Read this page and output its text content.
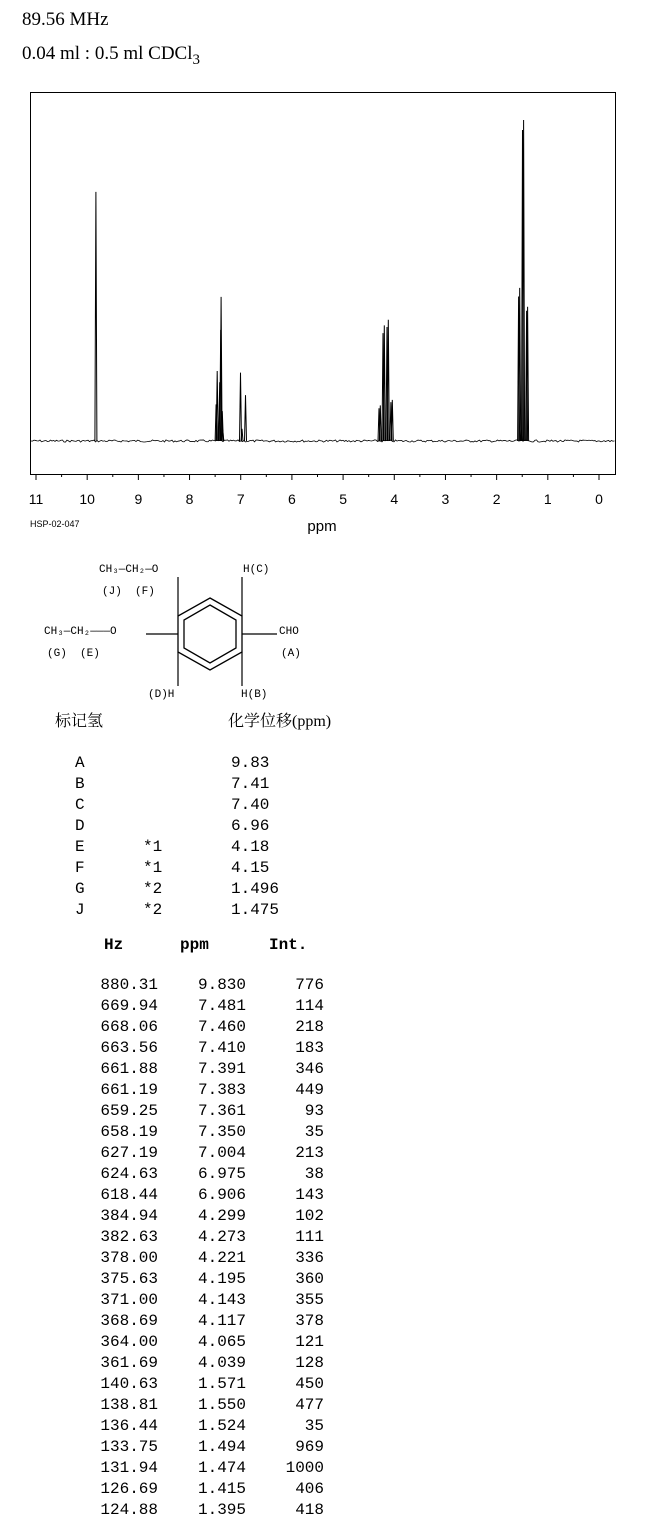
89.56 MHz
0.04 ml : 0.5 ml CDCl$_3$
11	10	9	8	7	6	5	4	3	2	1	0
ppm
HSP-02-047
CH₃—CH₂—O
(J)  (F)
H(C)
CH₃—CH₂———O
(G)  (E)
CHO
(A)
(D)H	H(B)
标记氢	化学位移(ppm)
A	9.83
B	7.41
C	7.40
D	6.96
E	*1	4.18
F	*1	4.15
G	*2	1.496
J	*2	1.475
Hz	ppm	Int.
880.31	9.830	776
669.94	7.481	114
668.06	7.460	218
663.56	7.410	183
661.88	7.391	346
661.19	7.383	449
659.25	7.361	93
658.19	7.350	35
627.19	7.004	213
624.63	6.975	38
618.44	6.906	143
384.94	4.299	102
382.63	4.273	111
378.00	4.221	336
375.63	4.195	360
371.00	4.143	355
368.69	4.117	378
364.00	4.065	121
361.69	4.039	128
140.63	1.571	450
138.81	1.550	477
136.44	1.524	35
133.75	1.494	969
131.94	1.474	1000
126.69	1.415	406
124.88	1.395	418
